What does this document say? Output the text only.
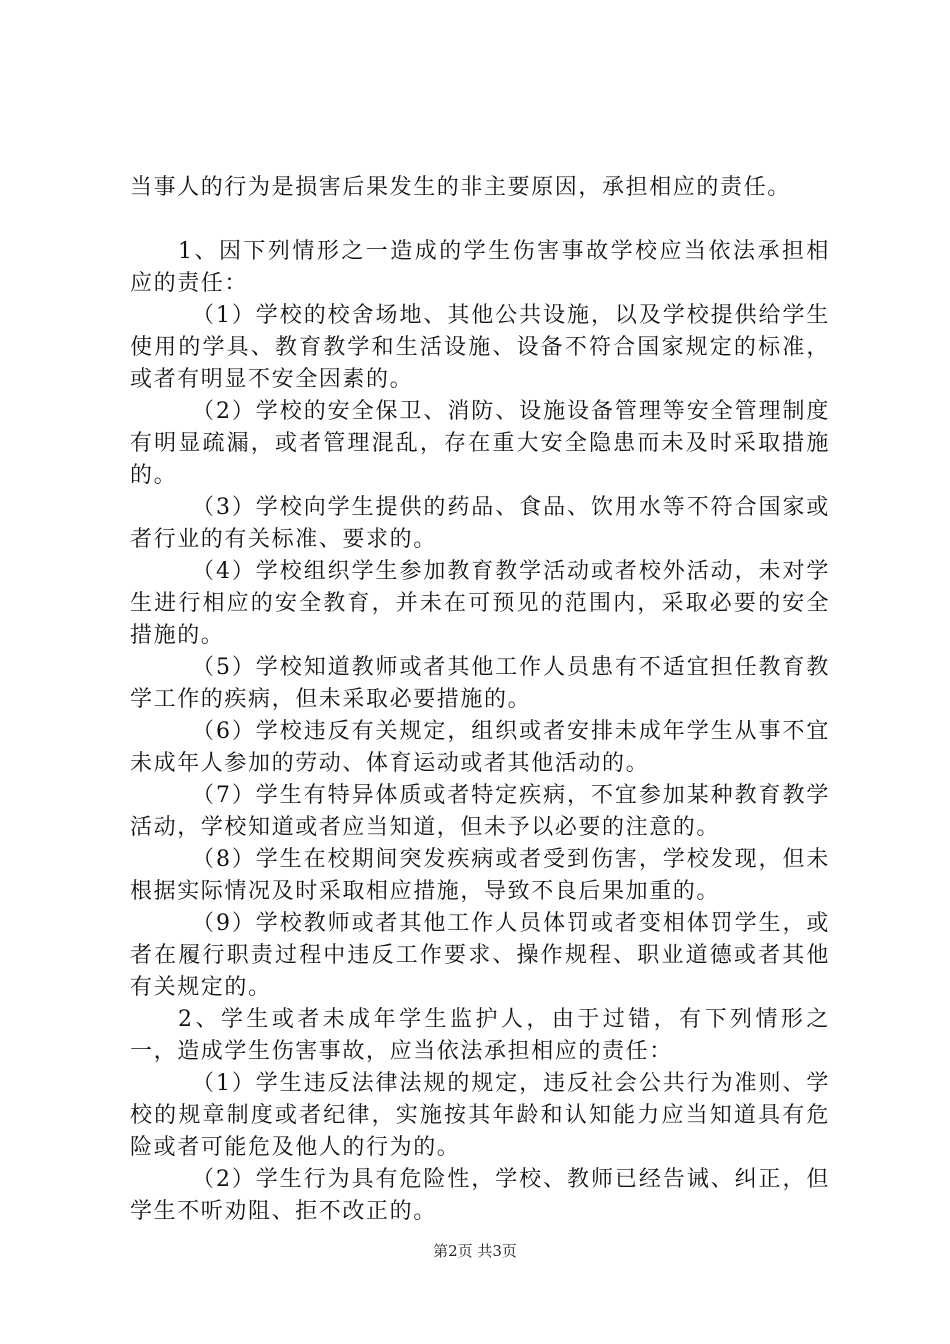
当事人的行为是损害后果发生的非主要原因，承担相应的责任。

1、因下列情形之一造成的学生伤害事故学校应当依法承担相应的责任：

（1）学校的校舍场地、其他公共设施，以及学校提供给学生使用的学具、教育教学和生活设施、设备不符合国家规定的标准，或者有明显不安全因素的。

（2）学校的安全保卫、消防、设施设备管理等安全管理制度有明显疏漏，或者管理混乱，存在重大安全隐患而未及时采取措施的。

（3）学校向学生提供的药品、食品、饮用水等不符合国家或者行业的有关标准、要求的。

（4）学校组织学生参加教育教学活动或者校外活动，未对学生进行相应的安全教育，并未在可预见的范围内，采取必要的安全措施的。

（5）学校知道教师或者其他工作人员患有不适宜担任教育教学工作的疾病，但未采取必要措施的。

（6）学校违反有关规定，组织或者安排未成年学生从事不宜未成年人参加的劳动、体育运动或者其他活动的。

（7）学生有特异体质或者特定疾病，不宜参加某种教育教学活动，学校知道或者应当知道，但未予以必要的注意的。

（8）学生在校期间突发疾病或者受到伤害，学校发现，但未根据实际情况及时采取相应措施，导致不良后果加重的。

（9）学校教师或者其他工作人员体罚或者变相体罚学生，或者在履行职责过程中违反工作要求、操作规程、职业道德或者其他有关规定的。

2、学生或者未成年学生监护人，由于过错，有下列情形之一，造成学生伤害事故，应当依法承担相应的责任：

（1）学生违反法律法规的规定，违反社会公共行为准则、学校的规章制度或者纪律，实施按其年龄和认知能力应当知道具有危险或者可能危及他人的行为的。

（2）学生行为具有危险性，学校、教师已经告诫、纠正，但学生不听劝阻、拒不改正的。

第2页 共3页
